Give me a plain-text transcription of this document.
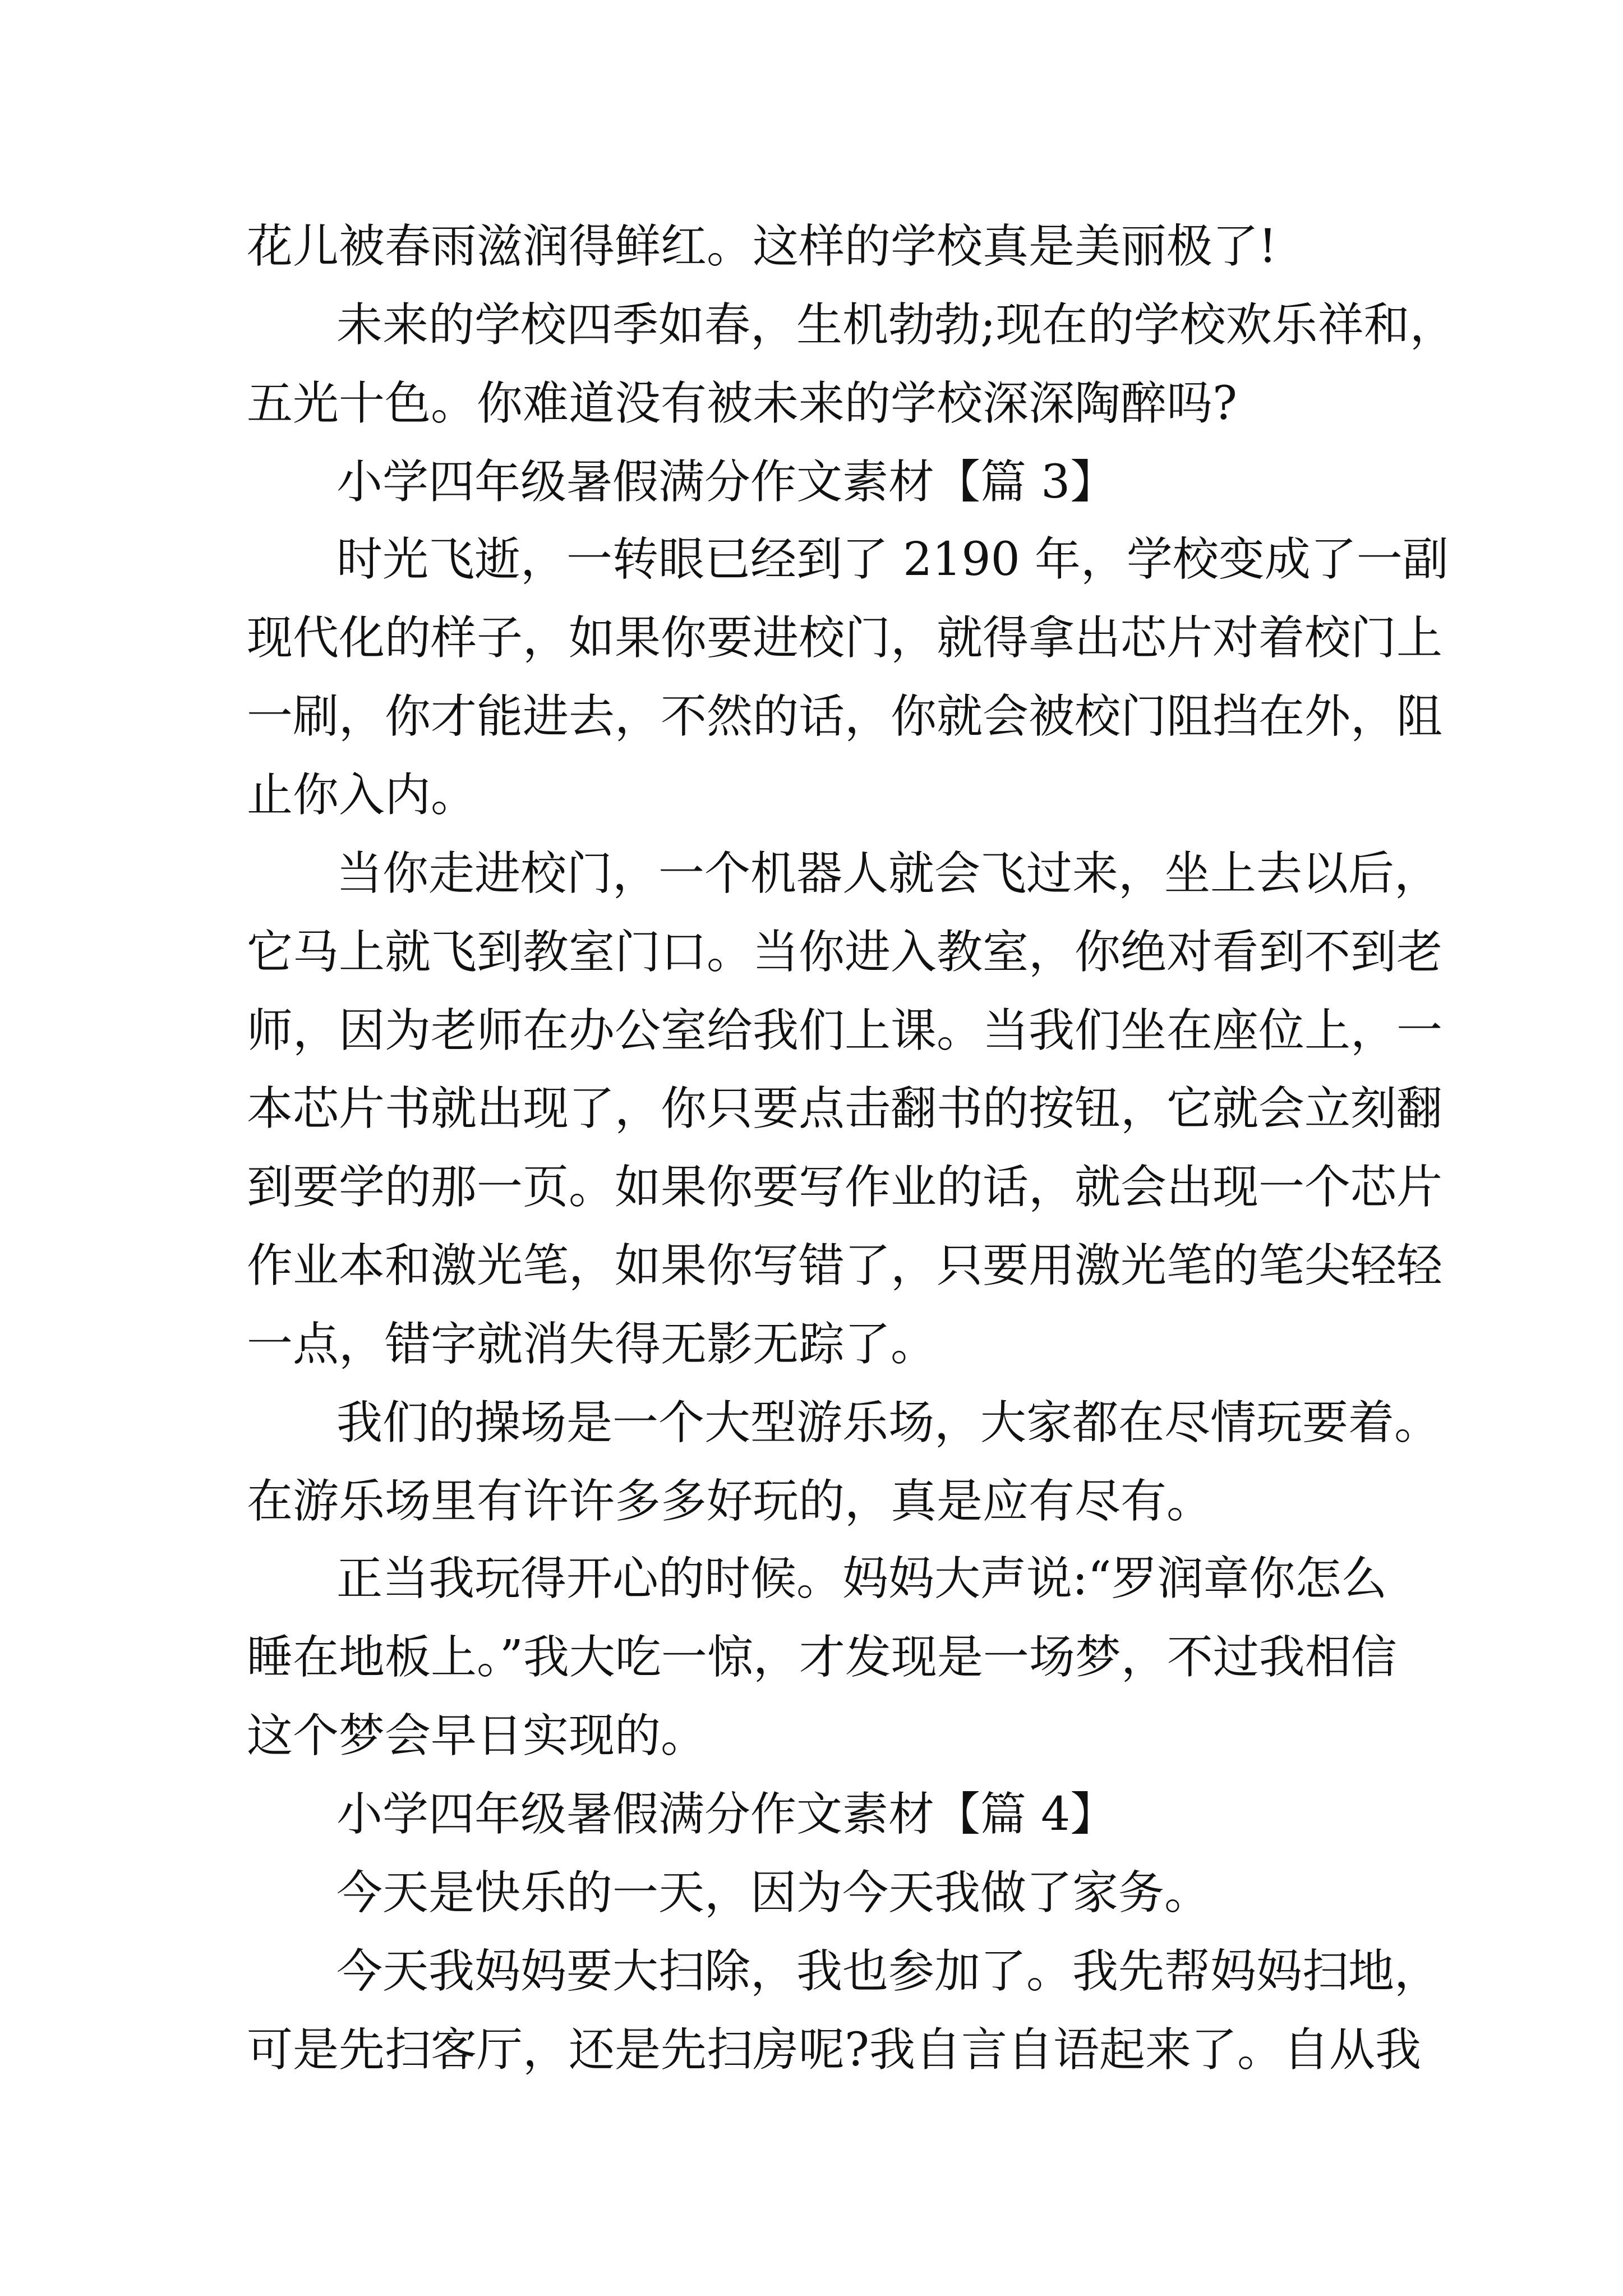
花儿被春雨滋润得鲜红。这样的学校真是美丽极了!

未来的学校四季如春，生机勃勃;现在的学校欢乐祥和，

五光十色。你难道没有被未来的学校深深陶醉吗?

小学四年级暑假满分作文素材【篇 3】

时光飞逝，一转眼已经到了 2190 年，学校变成了一副

现代化的样子，如果你要进校门，就得拿出芯片对着校门上

一刷，你才能进去，不然的话，你就会被校门阻挡在外，阻

止你入内。

当你走进校门，一个机器人就会飞过来，坐上去以后，

它马上就飞到教室门口。当你进入教室，你绝对看到不到老

师，因为老师在办公室给我们上课。当我们坐在座位上，一

本芯片书就出现了，你只要点击翻书的按钮，它就会立刻翻

到要学的那一页。如果你要写作业的话，就会出现一个芯片

作业本和激光笔，如果你写错了，只要用激光笔的笔尖轻轻

一点，错字就消失得无影无踪了。

我们的操场是一个大型游乐场，大家都在尽情玩要着。

在游乐场里有许许多多好玩的，真是应有尽有。

正当我玩得开心的时候。妈妈大声说:“罗润章你怎么

睡在地板上。”我大吃一惊，才发现是一场梦，不过我相信

这个梦会早日实现的。

小学四年级暑假满分作文素材【篇 4】

今天是快乐的一天，因为今天我做了家务。

今天我妈妈要大扫除，我也参加了。我先帮妈妈扫地，

可是先扫客厅，还是先扫房呢?我自言自语起来了。自从我
